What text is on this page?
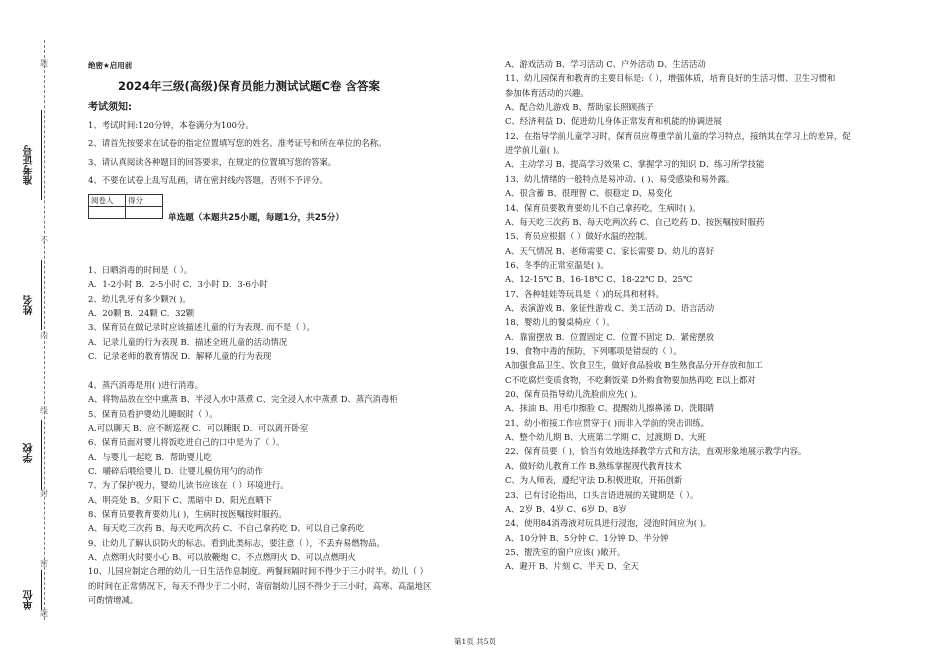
题
准考证号
不
姓名
内
线
学校
封
密
单位
题
绝密★启用前
2024年三级(高级)保育员能力测试试题C卷 含答案
考试须知:
1、考试时间:120分钟，本卷满分为100分。
2、请首先按要求在试卷的指定位置填写您的姓名、准考证号和所在单位的名称。
3、请认真阅读各种题目的回答要求，在规定的位置填写您的答案。
4、不要在试卷上乱写乱画，请在密封线内答题，否则不予评分。
阅卷人	得分

单选题（本题共25小题，每题1分，共25分）
1、日晒消毒的时间是（ ）。
A．1-2小时 B．2-5小时 C．3小时 D．3-6小时
2、幼儿乳牙有多少颗?( )。
A．20颗 B．24颗 C．32颗
3、保育员在做记录时应该描述儿童的行为表现. 而不是（ ）。
A．记录儿童的行为表现 B．描述全班儿童的活动情况
C．记录老师的教育情况 D．解释儿童的行为表现
4、蒸汽消毒是用( )进行消毒。
A、将物品放在空中熏蒸 B、半浸入水中蒸煮 C、完全浸入水中蒸煮 D、蒸汽消毒柜
5、保育员看护婴幼儿睡眠时（ ）。
A.可以聊天 B．应不断巡视 C．可以睡眠 D．可以离开卧室
6、保育员面对婴儿将饭吃进自己的口中是为了（ ）。
A．与婴儿一起吃 B．帮助婴儿吃
C．嚼碎后喂给婴儿 D．让婴儿模仿用勺的动作
7、为了保护视力，婴幼儿读书应该在（ ）环境进行。
A、明亮处 B、夕阳下 C、黑暗中 D、阳光直晒下
8、保育员要教育要幼儿( )，生病时按医嘱按时服药。
A、每天吃三次药 B、每天吃两次药 C、不自己拿药吃 D、可以自己拿药吃
9、让幼儿了解认识防火的标志。看到此类标志，要注意（ ），不丢弃易燃物品。
A、点燃明火时要小心 B、可以放鞭炮 C、不点燃明火 D、可以点燃明火
10、儿园应制定合理的幼儿一日生活作息制度。两餐间隔时间不得少于三小时半。幼儿（ ）
的时间在正常情况下，每天不得少于二小时，寄宿制幼儿园不得少于三小时，高寒、高温地区
可酌情增减。
A、游戏活动 B、学习活动 C、户外活动 D、生活活动
11、幼儿园保育和教育的主要目标是:（ ），增强体质，培育良好的生活习惯、卫生习惯和
参加体育活动的兴趣。
A、配合幼儿游戏 B、帮助家长照顾孩子
C、经济利益 D、促进幼儿身体正常发育和机能的协调进展
12、在指导学前儿童学习时，保育员应尊重学前儿童的学习特点，接纳其在学习上的差异，促
进学前儿童( )。
A、主动学习 B、提高学习效果 C、掌握学习的知识 D、练习所学技能
13、幼儿情绪的一般特点是易冲动、( )、易受感染和易外露。
A、很含蓄 B、很理智 C、很稳定 D、易变化
14、保育员要教育要幼儿不自己拿药吃，生病时( )。
A、每天吃三次药 B、每天吃两次药 C、自己吃药 D、按医嘱按时服药
15、育员应根据（ ）做好水温的控制。
A、天气情况 B、老师需要 C、家长需要 D、幼儿的喜好
16、冬季的正常室温是( )。
A、12-15℃ B、16-18℃ C、18-22℃ D、25℃
17、各种娃娃等玩具是（ )的玩具和材料。
A、表演游戏 B、象征性游戏 C、美工活动 D、语言活动
18、婴幼儿的餐桌椅应（ ）。
A．靠窗摆放 B．位置固定 C．位置不固定 D．紧密摆放
19、食物中毒的预防，下列哪项是错误的（ ）。
A加强食品卫生、饮食卫生，做好食品验收 B生熟食品分开存放和加工
C不吃腐烂变质食物，不吃剩饭菜 D外购食物要加热再吃 E以上都对
20、保育员指导幼儿洗脸前应先( )。
A、抹油 B、用毛巾擦脸 C、提醒幼儿擦鼻涕 D、洗眼睛
21、幼小衔接工作应贯穿于( )而非入学前的突击训练。
A、整个幼儿期 B、大班第二学期 C、过渡期 D、大班
22、保育员要（ )，恰当有效地选择教学方式和方法，直观形象地展示教学内容。
A、做好幼儿教育工作 B.熟练掌握现代教育技术
C、为人师表，遵纪守法 D.积极进取，开拓创新
23、已有讨论指出，口头言语进展的关键期是（ ）。
A、2岁 B、4岁 C、6岁 D、8岁
24、使用84消毒液对玩具进行浸泡，浸泡时间应为( )。
A、10分钟 B、5分钟 C、1分钟 D、半分钟
25、盥洗室的窗户应该( )敞开。
A、避开 B、片刻 C、半天 D、全天
第1页 共5页
